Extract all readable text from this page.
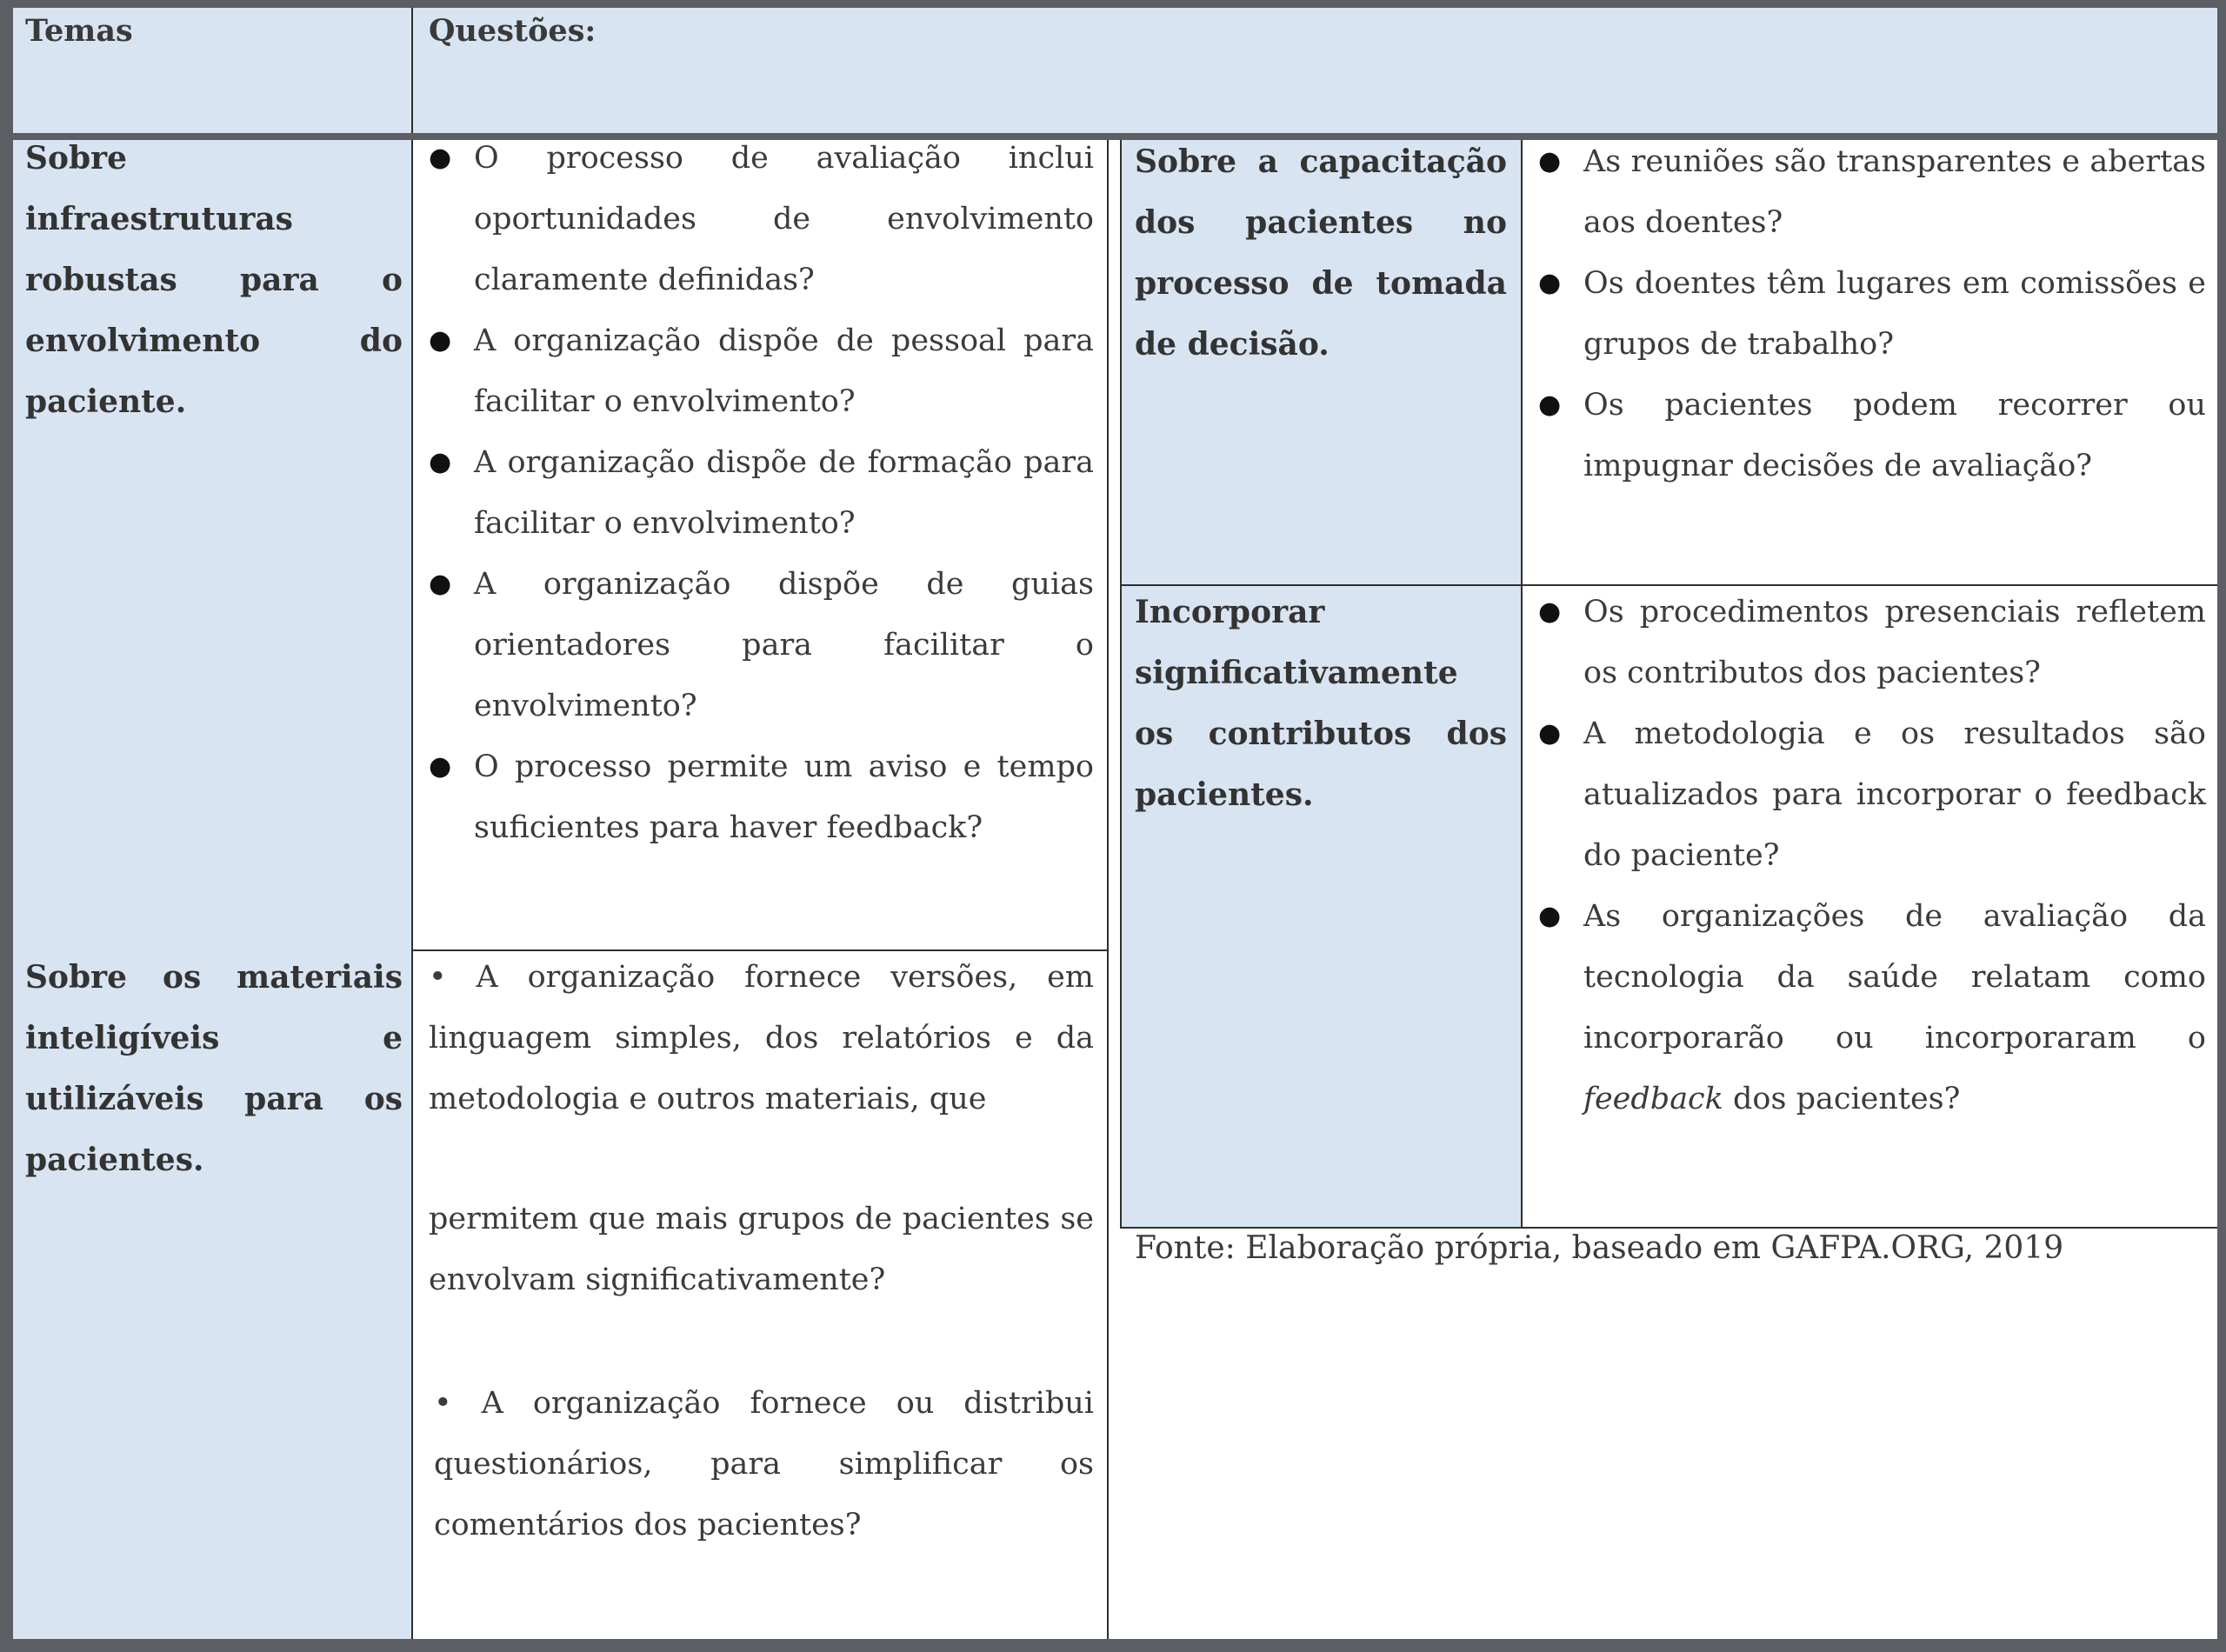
Temas	Questões:
Sobre infraestruturas robustas para o envolvimento do paciente.
● O processo de avaliação inclui oportunidades de envolvimento claramente definidas?
● A organização dispõe de pessoal para facilitar o envolvimento?
● A organização dispõe de formação para facilitar o envolvimento?
● A organização dispõe de guias orientadores para facilitar o envolvimento?
● O processo permite um aviso e tempo suficientes para haver feedback?
Sobre os materiais inteligíveis e utilizáveis para os pacientes.
• A organização fornece versões, em linguagem simples, dos relatórios e da metodologia e outros materiais, que
permitem que mais grupos de pacientes se envolvam significativamente?
• A organização fornece ou distribui questionários, para simplificar os comentários dos pacientes?
Sobre a capacitação dos pacientes no processo de tomada de decisão.
● As reuniões são transparentes e abertas aos doentes?
● Os doentes têm lugares em comissões e grupos de trabalho?
● Os pacientes podem recorrer ou impugnar decisões de avaliação?
Incorporar significativamente os contributos dos pacientes.
● Os procedimentos presenciais refletem os contributos dos pacientes?
● A metodologia e os resultados são atualizados para incorporar o feedback do paciente?
● As organizações de avaliação da tecnologia da saúde relatam como incorporarão ou incorporaram o feedback dos pacientes?
Fonte: Elaboração própria, baseado em GAFPA.ORG, 2019
